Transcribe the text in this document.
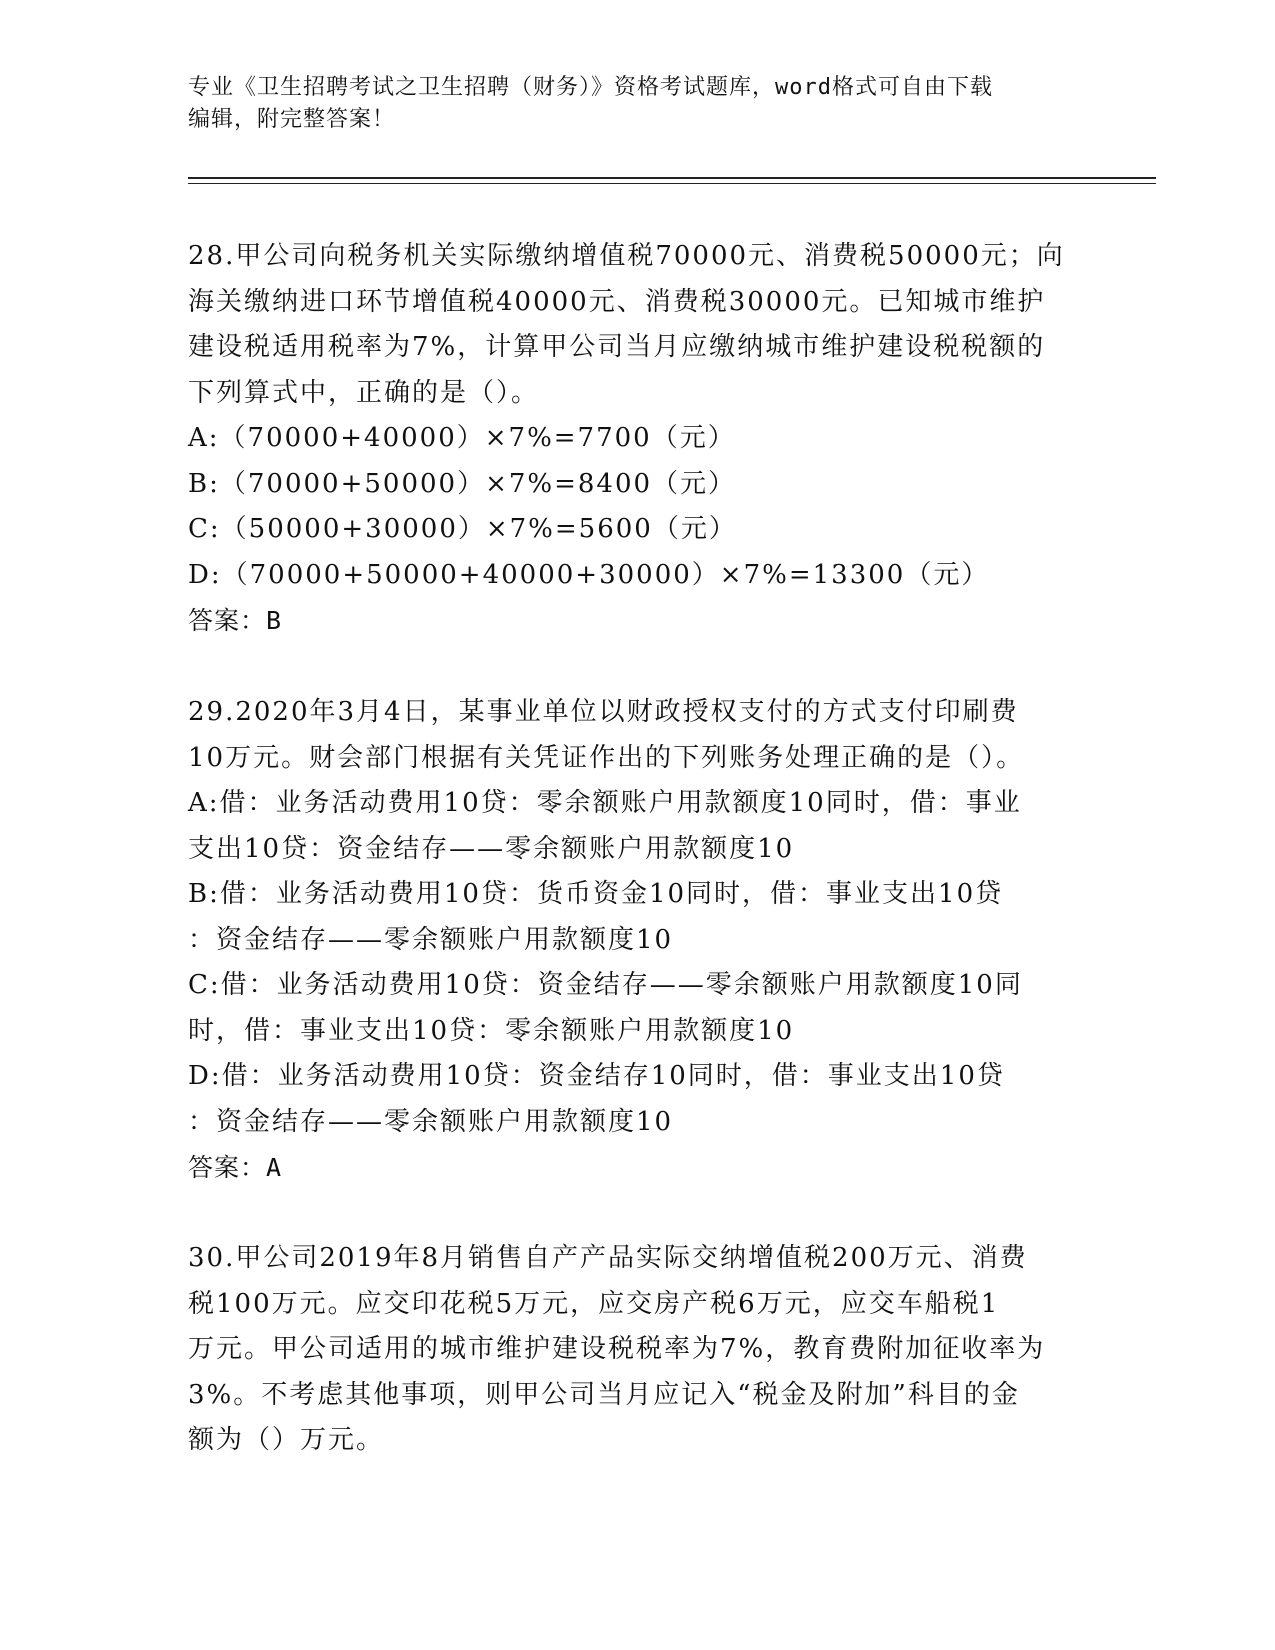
专业《卫生招聘考试之卫生招聘（财务）》资格考试题库，word格式可自由下载

编辑，附完整答案！

28.甲公司向税务机关实际缴纳增值税70000元、消费税50000元；向

海关缴纳进口环节增值税40000元、消费税30000元。已知城市维护

建设税适用税率为7%，计算甲公司当月应缴纳城市维护建设税税额的

下列算式中，正确的是（）。

A:（70000+40000）×7%=7700（元）

B:（70000+50000）×7%=8400（元）

C:（50000+30000）×7%=5600（元）

D:（70000+50000+40000+30000）×7%=13300（元）

答案：B

29.2020年3月4日，某事业单位以财政授权支付的方式支付印刷费

10万元。财会部门根据有关凭证作出的下列账务处理正确的是（）。

A:借：业务活动费用10贷：零余额账户用款额度10同时，借：事业

支出10贷：资金结存——零余额账户用款额度10

B:借：业务活动费用10贷：货币资金10同时，借：事业支出10贷

：资金结存——零余额账户用款额度10

C:借：业务活动费用10贷：资金结存——零余额账户用款额度10同

时，借：事业支出10贷：零余额账户用款额度10

D:借：业务活动费用10贷：资金结存10同时，借：事业支出10贷

：资金结存——零余额账户用款额度10

答案：A

30.甲公司2019年8月销售自产产品实际交纳增值税200万元、消费

税100万元。应交印花税5万元，应交房产税6万元，应交车船税1

万元。甲公司适用的城市维护建设税税率为7%，教育费附加征收率为

3%。不考虑其他事项，则甲公司当月应记入“税金及附加”科目的金

额为（）万元。
